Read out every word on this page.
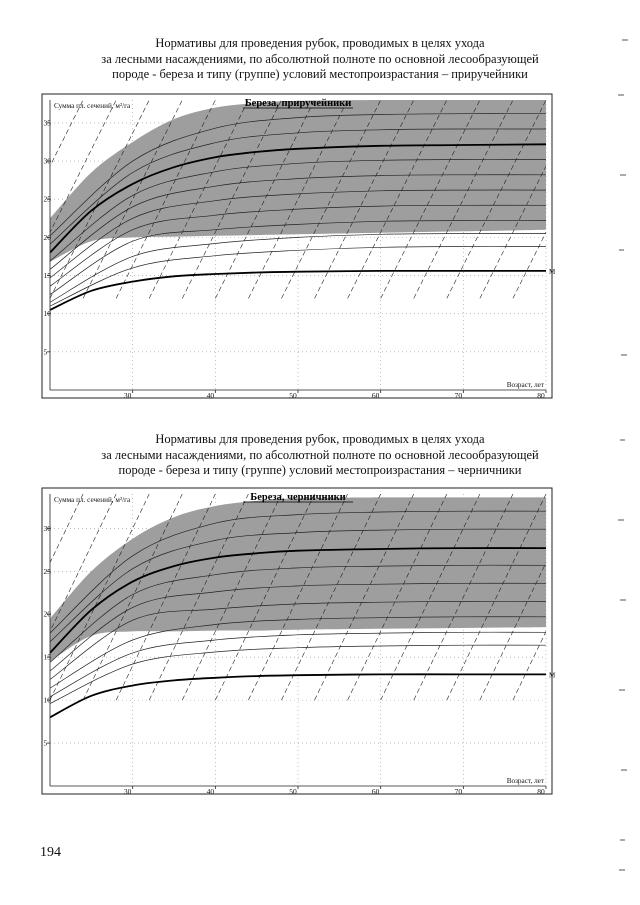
Нормативы для проведения рубок, проводимых в целях ухода
за лесными насаждениями, по абсолютной полноте по основной лесообразующей
породе - береза и типу (группе) условий местопроизрастания – приручейники
М
30	40	50	60	70	80
5
10
15
20
25
30
35
Сумма пл. сечений, м²/га
Возраст, лет
Береза, приручейники
Нормативы для проведения рубок, проводимых в целях ухода
за лесными насаждениями, по абсолютной полноте по основной лесообразующей
породе - береза и типу (группе) условий местопроизрастания – черничники
М
30	40	50	60	70	80
5
10
15
20
25
30
Сумма пл. сечений, м²/га
Возраст, лет
Береза, черничники
194
